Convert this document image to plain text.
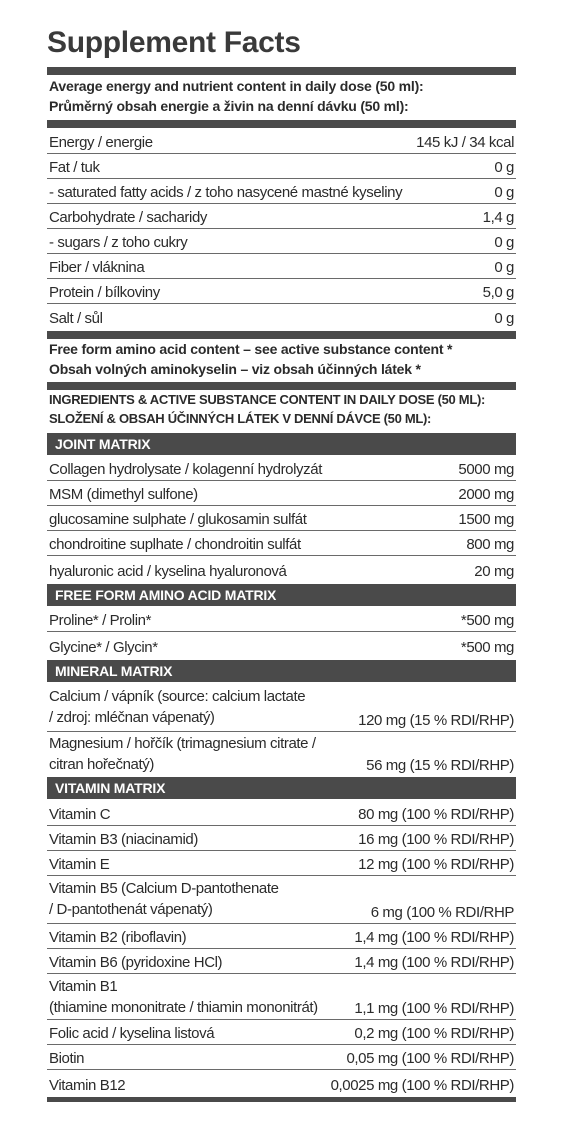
Supplement Facts
Average energy and nutrient content in daily dose (50 ml):
Průměrný obsah energie a živin na denní dávku (50 ml):
Energy / energie	145 kJ / 34 kcal
Fat / tuk	0 g
- saturated fatty acids / z toho nasycené mastné kyseliny	0 g
Carbohydrate / sacharidy	1,4 g
- sugars / z toho cukry	0 g
Fiber / vláknina	0 g
Protein / bílkoviny	5,0 g
Salt / sůl	0 g
Free form amino acid content – see active substance content *
Obsah volných aminokyselin – viz obsah účinných látek *
INGREDIENTS & ACTIVE SUBSTANCE CONTENT IN DAILY DOSE (50 ML):
SLOŽENÍ & OBSAH ÚČINNÝCH LÁTEK V DENNÍ DÁVCE (50 ML):
JOINT MATRIX
Collagen hydrolysate / kolagenní hydrolyzát	5000 mg
MSM (dimethyl sulfone)	2000 mg
glucosamine sulphate / glukosamin sulfát	1500 mg
chondroitine suplhate / chondroitin sulfát	800 mg
hyaluronic acid / kyselina hyaluronová	20 mg
FREE FORM AMINO ACID MATRIX
Proline* / Prolin*	*500 mg
Glycine* / Glycin*	*500 mg
MINERAL MATRIX
Calcium / vápník (source: calcium lactate
/ zdroj: mléčnan vápenatý)	120 mg (15 % RDI/RHP)
Magnesium / hořčík (trimagnesium citrate /
citran hořečnatý)	56 mg (15 % RDI/RHP)
VITAMIN MATRIX
Vitamin C	80 mg (100 % RDI/RHP)
Vitamin B3 (niacinamid)	16 mg (100 % RDI/RHP)
Vitamin E	12 mg (100 % RDI/RHP)
Vitamin B5 (Calcium D-pantothenate
/ D-pantothenát vápenatý)	6 mg (100 % RDI/RHP
Vitamin B2 (riboflavin)	1,4 mg (100 % RDI/RHP)
Vitamin B6 (pyridoxine HCl)	1,4 mg (100 % RDI/RHP)
Vitamin B1
(thiamine mononitrate / thiamin mononitrát)	1,1 mg (100 % RDI/RHP)
Folic acid / kyselina listová	0,2 mg (100 % RDI/RHP)
Biotin	0,05 mg (100 % RDI/RHP)
Vitamin B12	0,0025 mg (100 % RDI/RHP)
